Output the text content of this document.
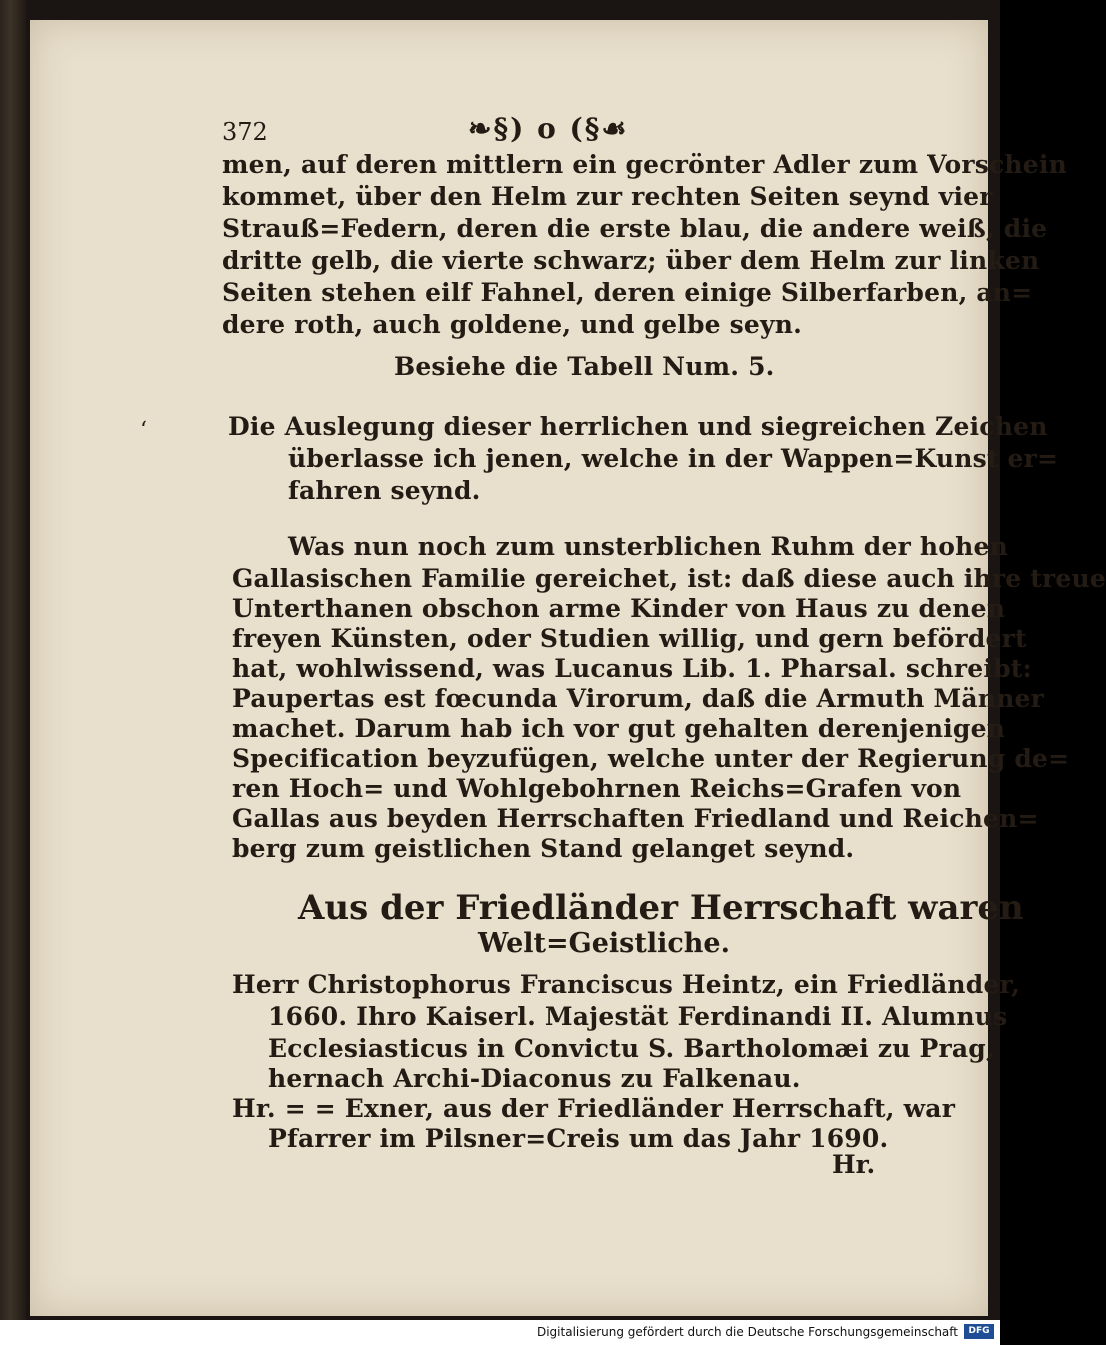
372	❧§) o (§☙
ʻ
men, auf deren mittlern ein gecrönter Adler zum Vorschein
kommet, über den Helm zur rechten Seiten seynd vier
Strauß=Federn, deren die erste blau, die andere weiß, die
dritte gelb, die vierte schwarz; über dem Helm zur linken
Seiten stehen eilf Fahnel, deren einige Silberfarben, an=
dere roth, auch goldene, und gelbe seyn.
Besiehe die Tabell Num. 5.
Die Auslegung dieser herrlichen und siegreichen Zeichen
überlasse ich jenen, welche in der Wappen=Kunst er=
fahren seynd.
Was nun noch zum unsterblichen Ruhm der hohen
Gallasischen Familie gereichet, ist: daß diese auch ihre treue
Unterthanen obschon arme Kinder von Haus zu denen
freyen Künsten, oder Studien willig, und gern befördert
hat, wohlwissend, was Lucanus Lib. 1. Pharsal. schreibt:
Paupertas est fœcunda Virorum, daß die Armuth Männer
machet. Darum hab ich vor gut gehalten derenjenigen
Specification beyzufügen, welche unter der Regierung de=
ren Hoch= und Wohlgebohrnen Reichs=Grafen von
Gallas aus beyden Herrschaften Friedland und Reichen=
berg zum geistlichen Stand gelanget seynd.
Aus der Friedländer Herrschaft waren
Welt=Geistliche.
Herr Christophorus Franciscus Heintz, ein Friedländer,
1660. Ihro Kaiserl. Majestät Ferdinandi II. Alumnus
Ecclesiasticus in Convictu S. Bartholomæi zu Prag,
hernach Archi-Diaconus zu Falkenau.
Hr. = = Exner, aus der Friedländer Herrschaft, war
Pfarrer im Pilsner=Creis um das Jahr 1690.
Hr.
Digitalisierung gefördert durch die Deutsche Forschungsgemeinschaft	DFG
